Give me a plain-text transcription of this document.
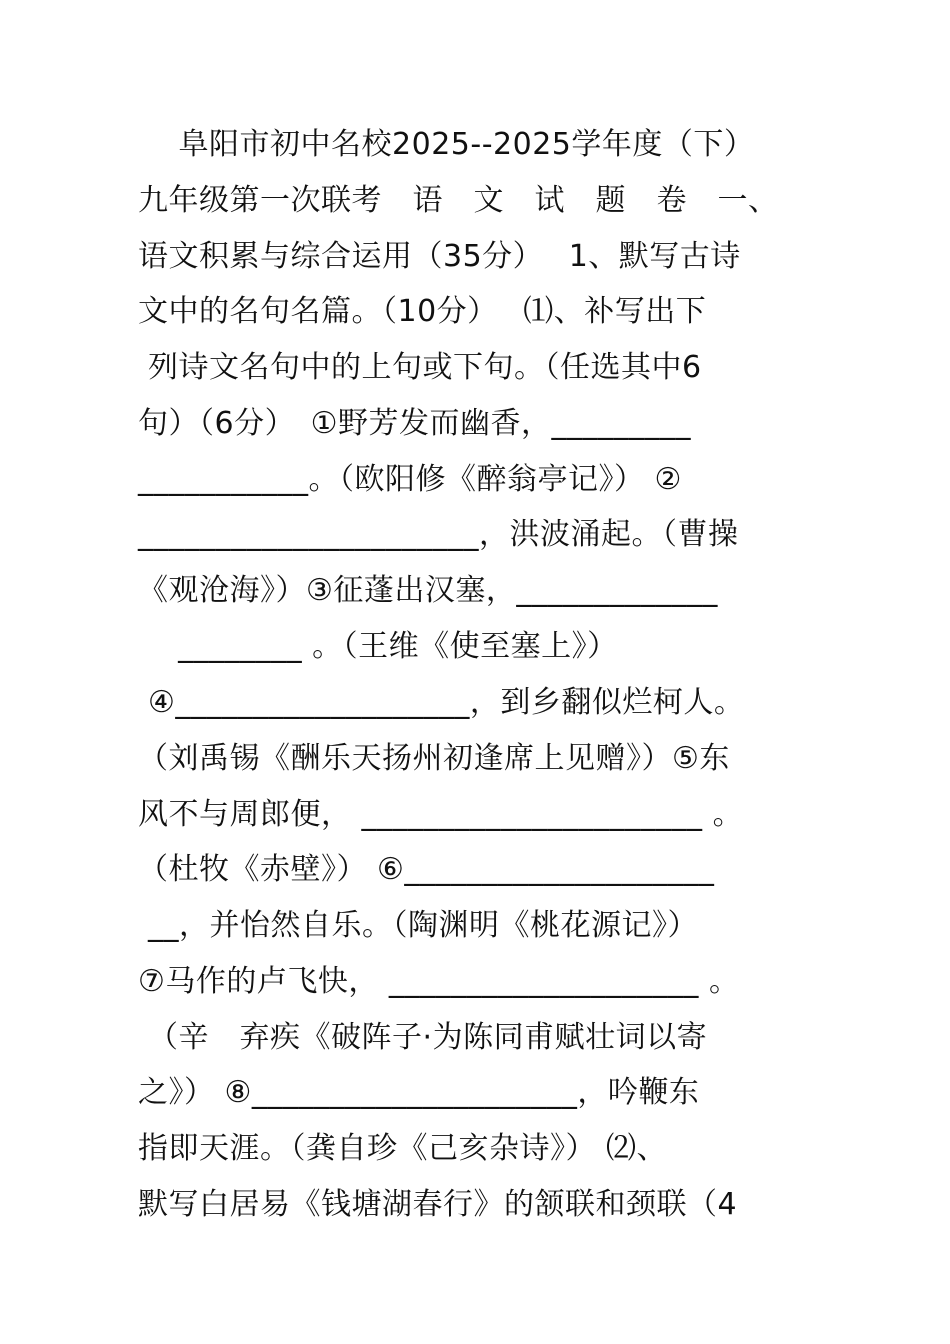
　 阜阳市初中名校2025--2025学年度（下）
九年级第一次联考　语　文　试　题　卷　一、
语文积累与综合运用（35分）　 1、默写古诗
文中的名句名篇。（10分）　 ⑴、补写出下
列诗文名句中的上句或下句。（任选其中6
句）（6分）　①野芳发而幽香，_________
___________。（欧阳修《醉翁亭记》） ②
______________________，洪波涌起。（曹操
《观沧海》）③征蓬出汉塞，_____________
________ 。（王维《使至塞上》）
④___________________，到乡翻似烂柯人。
（刘禹锡《酬乐天扬州初逢席上见赠》）⑤东
风不与周郎便， ______________________ 。
（杜牧《赤壁》） ⑥____________________
__，并怡然自乐。（陶渊明《桃花源记》）
⑦马作的卢飞快， ____________________ 。
（辛　弃疾《破阵子·为陈同甫赋壮词以寄
之》） ⑧_____________________，吟鞭东
指即天涯。（龚自珍《己亥杂诗》） ⑵、
默写白居易《钱塘湖春行》的颔联和颈联（4
